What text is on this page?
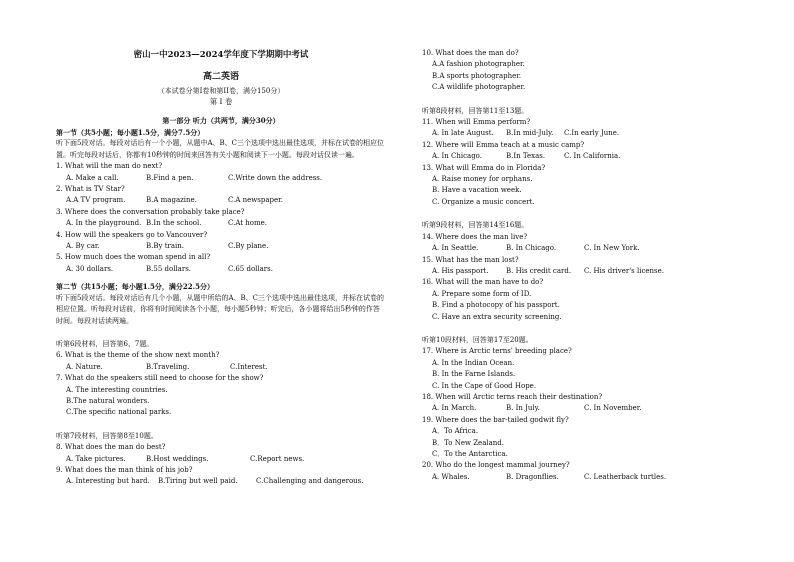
密山一中2023—2024学年度下学期期中考试
高二英语
（本试卷分第I卷和第II卷，满分150分）
第 I 卷
第一部分 听力（共两节，满分30分）
第一节（共5小题；每小题1.5分，满分7.5分）
听下面5段对话。每段对话后有一个小题，从题中A、B、C三个选项中选出最佳选项，并标在试卷的相应位置。听完每段对话后，你都有10秒钟的时间来回答有关小题和阅读下一小题。每段对话仅读一遍。
1. What will the man do next?
A. Make a call.	B.Find a pen.	C.Write down the address.
2. What is TV Star?
A.A TV program.	B.A magazine.	C.A newspaper.
3. Where does the conversation probably take place?
A. In the playground. B.In the school.	C.At home.
4. How will the speakers go to Vancouver?
A. By car.	B.By train.	C.By plane.
5. How much does the woman spend in all?
A. 30 dollars.	B.55 dollars.	C.65 dollars.
第二节（共15小题；每小题1.5分，满分22.5分）
听下面5段对话。每段对话后有几个小题，从题中所给的A、B、C三个选项中选出最佳选项，并标在试卷的相应位置。听每段对话前，你将有时间阅读各个小题，每小题5秒钟；听完后，各小题将给出5秒钟的作答时间。每段对话读两遍。
听第6段材料，回答第6、7题。
6. What is the theme of the show next month?
A. Nature.	B.Traveling.	C.Interest.
7. What do the speakers still need to choose for the show?
A. The interesting countries.
B.The natural wonders.
C.The specific national parks.
听第7段材料，回答第8至10题。
8. What does the man do best?
A. Take pictures.	B.Host weddings.	C.Report news.
9. What does the man think of his job?
A. Interesting but hard.	B.Tiring but well paid.	C.Challenging and dangerous.
10. What does the man do?
A.A fashion photographer.
B.A sports photographer.
C.A wildlife photographer.
听第8段材料，回答第11至13题。
11. When will Emma perform?
A. In late August.	B.In mid-July.	C.In early June.
12. Where will Emma teach at a music camp?
A. In Chicago.	B.In Texas.	C. In California.
13. What will Emma do in Florida?
A. Raise money for orphans.
B. Have a vacation week.
C. Organize a music concert.
听第9段材料，回答第14至16题。
14. Where does the man live?
A. In Seattle.	B. In Chicago.	C. In New York.
15. What has the man lost?
A. His passport.	B. His credit card.	C. His driver's license.
16. What will the man have to do?
A. Prepare some form of ID.
B. Find a photocopy of his passport.
C. Have an extra security screening.
听第10段材料，回答第17至20题。
17. Where is Arctic terns' breeding place?
A. In the Indian Ocean.
B. In the Farne Islands.
C. In the Cape of Good Hope.
18. When will Arctic terns reach their destination?
A. In March.	B. In July.	C. In November.
19. Where does the bar-tailed godwit fly?
A．To Africa.
B．To New Zealand.
C．To the Antarctica.
20. Who do the longest mammal journey?
A. Whales.	B. Dragonflies.	C. Leatherback turtles.
